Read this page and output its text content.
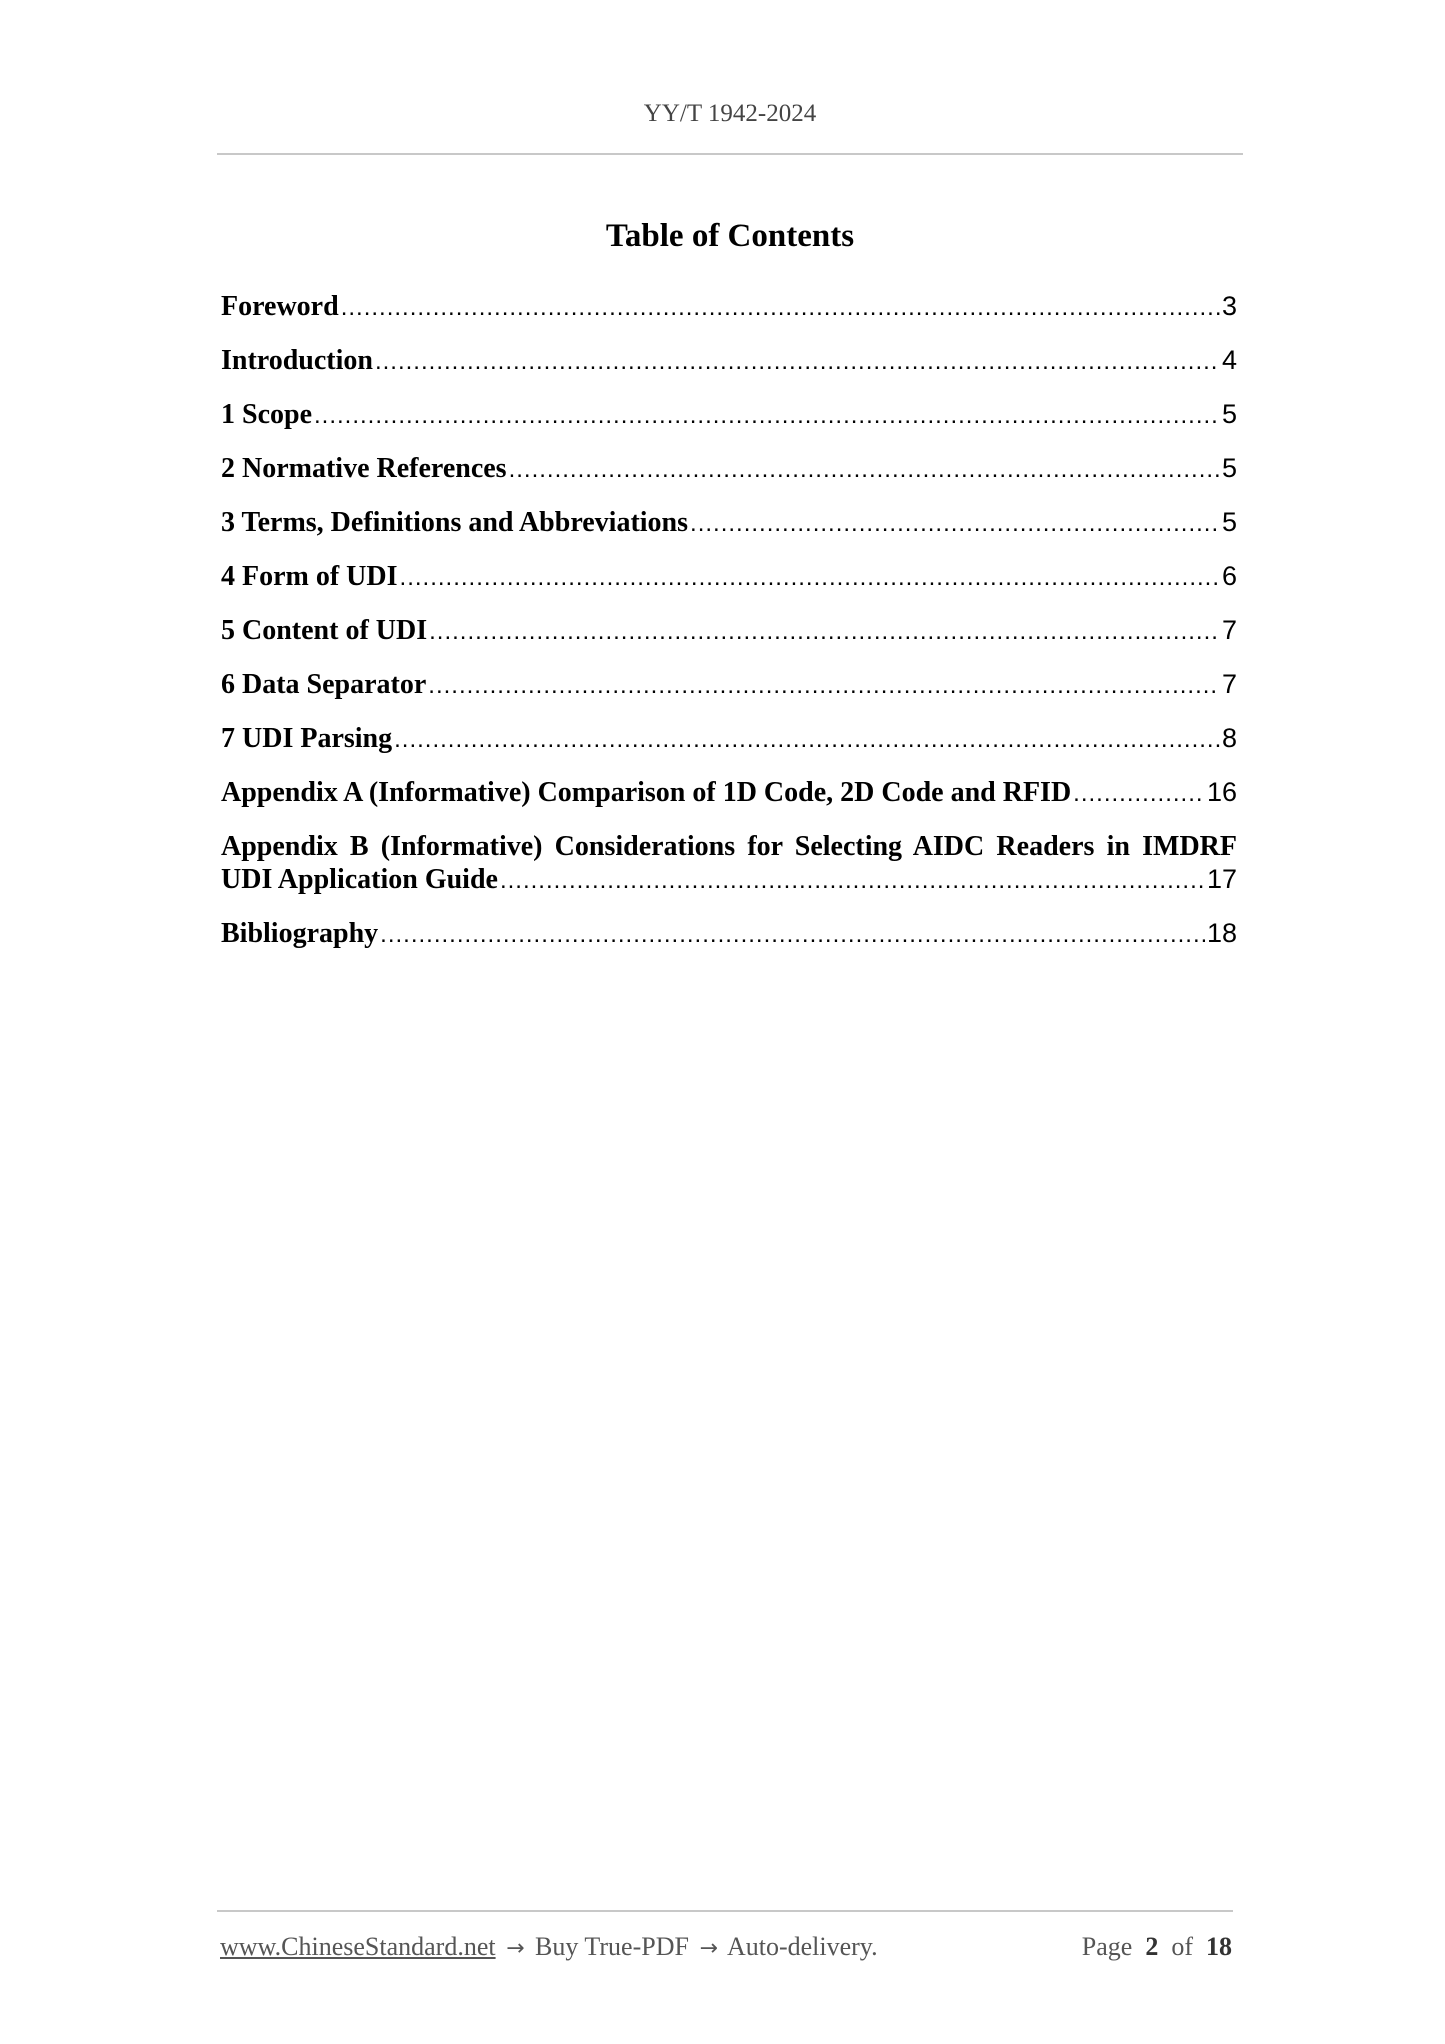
YY/T 1942-2024
Table of Contents
Foreword .....	3
Introduction .....	4
1 Scope .....	5
2 Normative References .....	5
3 Terms, Definitions and Abbreviations .....	5
4 Form of UDI .....	6
5 Content of UDI .....	7
6 Data Separator .....	7
7 UDI Parsing .....	8
Appendix A (Informative) Comparison of 1D Code, 2D Code and RFID .....	16
Appendix B (Informative) Considerations for Selecting AIDC Readers in IMDRF
UDI Application Guide .....	17
Bibliography .....	18
www.ChineseStandard.net → Buy True-PDF → Auto-delivery.	Page 2 of 18
